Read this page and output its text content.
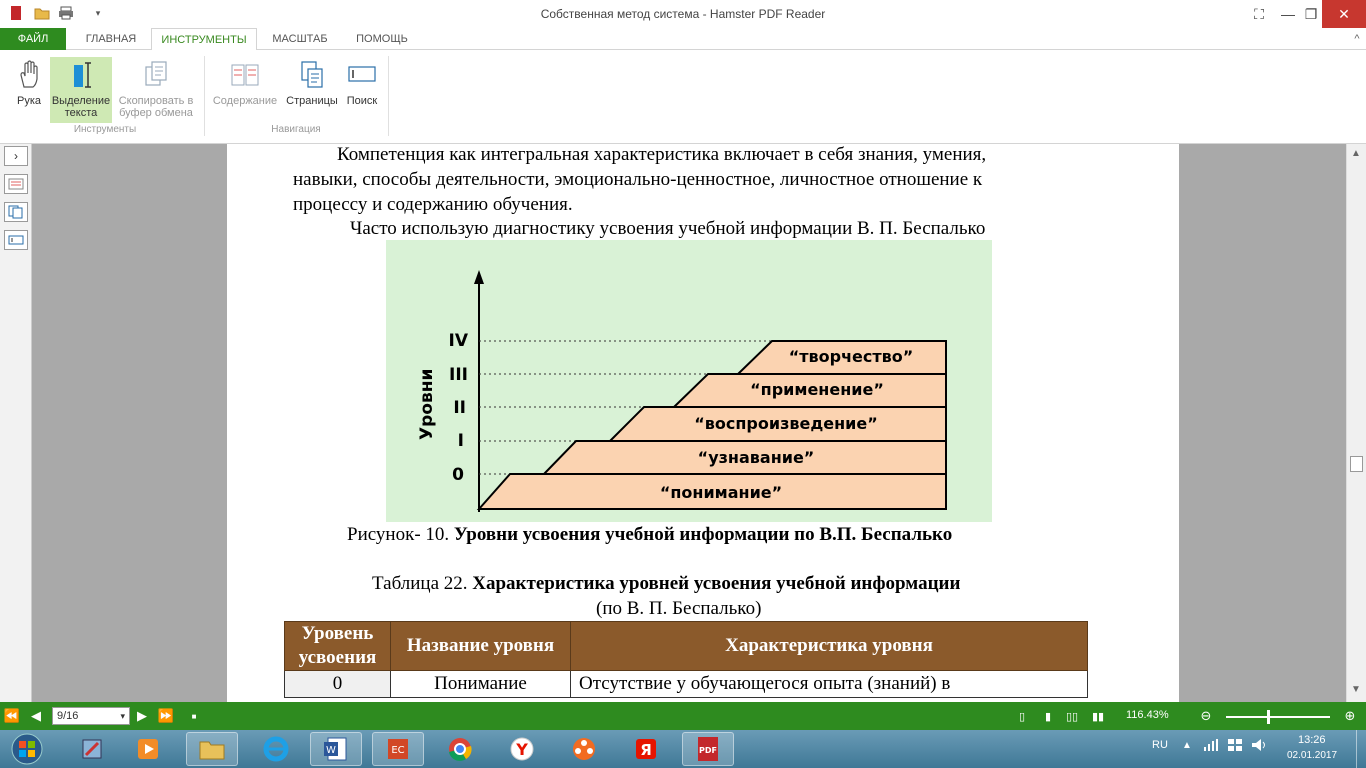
▾	Собственная метод система - Hamster PDF Reader	⛶	— ❐	✕
ФАЙЛ	ГЛАВНАЯ	ИНСТРУМЕНТЫ	МАСШТАБ	ПОМОЩЬ	^
Рука Выделение
текста
Скопировать в
буфер обмена
Инструменты
Содержание Страницы Поиск
Навигация
›	Компетенция как интегральная характеристика включает в себя знания, умения,
навыки, способы деятельности, эмоционально-ценностное, личностное отношение к
процессу и содержанию обучения.
Часто использую диагностику усвоения учебной информации В. П. Беспалько
Уровни
0
I
II
III
IV
“понимание”
“узнавание”
“воспроизведение”
“применение”
“творчество”
Рисунок- 10. Уровни усвоения учебной информации по В.П. Беспалько
Таблица 22. Характеристика уровней усвоения учебной информации
(по В. П. Беспалько)
Уровень усвоения	Название уровня	Характеристика уровня
0	Понимание	Отсутствие у обучающегося опыта (знаний) в
▲
▼
⏪ ◀	9/16	▾ ▶ ⏩	■	▯	▮	▯▯ ▮▮ 116.43% ⊖	⊕
W	EC	Y	Я	PDF	RU ▲	13:26
02.01.2017
